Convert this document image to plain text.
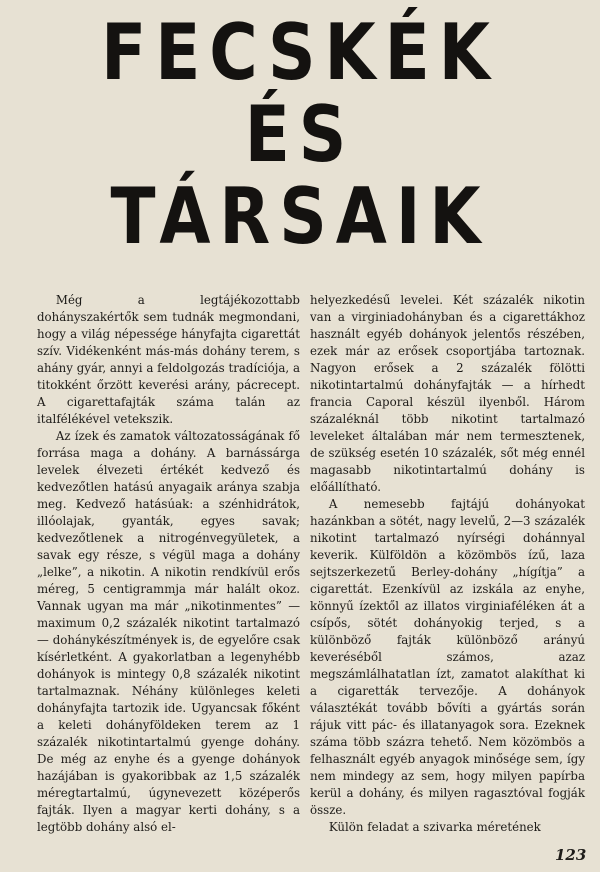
FECSKÉK
ÉS
TÁRSAIK

Még a legtájékozottabb dohányszakértők sem tudnák megmondani, hogy a világ népessége hányfajta cigarettát szív. Vidékenként más-más dohány terem, s ahány gyár, annyi a feldolgozás tradíciója, a titokként őrzött keverési arány, pácrecept. A cigarettafajták száma talán az italfélékével vetekszik.

Az ízek és zamatok változatosságának fő forrása maga a dohány. A barnássárga levelek élvezeti értékét kedvező és kedvezőtlen hatású anyagaik aránya szabja meg. Kedvező hatásúak: a szénhidrátok, illóolajak, gyanták, egyes savak; kedvezőtlenek a nitrogénvegyületek, a savak egy része, s végül maga a dohány „lelke”, a nikotin. A nikotin rendkívül erős méreg, 5 centigrammja már halált okoz. Vannak ugyan ma már „nikotinmentes” — maximum 0,2 százalék nikotint tartalmazó — dohánykészítmények is, de egyelőre csak kísérletként. A gyakorlatban a legenyhébb dohányok is mintegy 0,8 százalék nikotint tartalmaznak. Néhány különleges keleti dohányfajta tartozik ide. Ugyancsak főként a keleti dohányföldeken terem az 1 százalék nikotintartalmú gyenge dohány. De még az enyhe és a gyenge dohányok hazájában is gyakoribbak az 1,5 százalék méregtartalmú, úgynevezett középerős fajták. Ilyen a magyar kerti dohány, s a legtöbb dohány alsó el-

helyezkedésű levelei. Két százalék nikotin van a virginiadohányban és a cigarettákhoz használt egyéb dohányok jelentős részében, ezek már az erősek csoportjába tartoznak. Nagyon erősek a 2 százalék fölötti nikotintartalmú dohányfajták — a hírhedt francia Caporal készül ilyenből. Három százaléknál több nikotint tartalmazó leveleket általában már nem termesztenek, de szükség esetén 10 százalék, sőt még ennél magasabb nikotintartalmú dohány is előállítható.

A nemesebb fajtájú dohányokat hazánkban a sötét, nagy levelű, 2—3 százalék nikotint tartalmazó nyírségi dohánnyal keverik. Külföldön a közömbös ízű, laza sejtszerkezetű Berley-dohány „hígítja” a cigarettát. Ezenkívül az izskála az enyhe, könnyű ízektől az illatos virginiaféléken át a csípős, sötét dohányokig terjed, s a különböző fajták különböző arányú keveréséből számos, azaz megszámlálhatatlan ízt, zamatot alakíthat ki a cigaretták tervezője. A dohányok választékát tovább bővíti a gyártás során rájuk vitt pác- és illatanyagok sora. Ezeknek száma több százra tehető. Nem közömbös a felhasznált egyéb anyagok minősége sem, így nem mindegy az sem, hogy milyen papírba kerül a dohány, és milyen ragasztóval fogják össze.

Külön feladat a szivarka méretének

123
